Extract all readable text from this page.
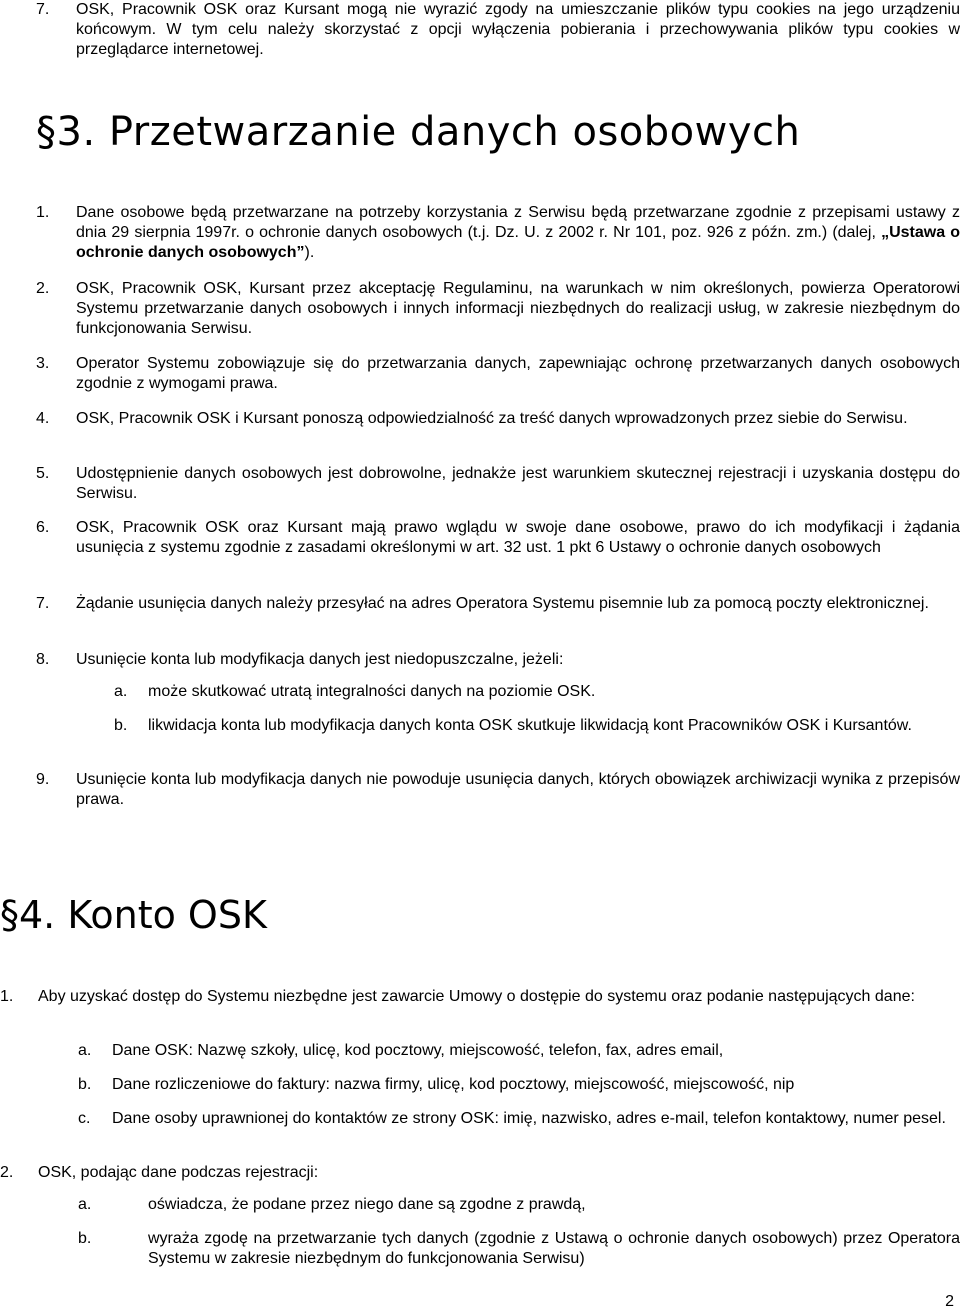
7. OSK, Pracownik OSK oraz Kursant mogą nie wyrazić zgody na umieszczanie plików typu cookies na jego urządzeniu końcowym. W tym celu należy skorzystać z opcji wyłączenia pobierania i przechowywania plików typu cookies w przeglądarce internetowej.
§3. Przetwarzanie danych osobowych
1. Dane osobowe będą przetwarzane na potrzeby korzystania z Serwisu będą przetwarzane zgodnie z przepisami ustawy z dnia 29 sierpnia 1997r. o ochronie danych osobowych (t.j. Dz. U. z 2002 r. Nr 101, poz. 926 z późn. zm.) (dalej, „Ustawa o ochronie danych osobowych”).
2. OSK, Pracownik OSK, Kursant przez akceptację Regulaminu, na warunkach w nim określonych, powierza Operatorowi Systemu przetwarzanie danych osobowych i innych informacji niezbędnych do realizacji usług, w zakresie niezbędnym do funkcjonowania Serwisu.
3. Operator Systemu zobowiązuje się do przetwarzania danych, zapewniając ochronę przetwarzanych danych osobowych zgodnie z wymogami prawa.
4. OSK, Pracownik OSK i Kursant ponoszą odpowiedzialność za treść danych wprowadzonych przez siebie do Serwisu.
5. Udostępnienie danych osobowych jest dobrowolne, jednakże jest warunkiem skutecznej rejestracji i uzyskania dostępu do Serwisu.
6. OSK, Pracownik OSK oraz Kursant mają prawo wglądu w swoje dane osobowe, prawo do ich modyfikacji i żądania usunięcia z systemu zgodnie z zasadami określonymi w art. 32 ust. 1 pkt 6 Ustawy o ochronie danych osobowych
7. Żądanie usunięcia danych należy przesyłać na adres Operatora Systemu pisemnie lub za pomocą poczty elektronicznej.
8. Usunięcie konta lub modyfikacja danych jest niedopuszczalne, jeżeli:
a. może skutkować utratą integralności danych na poziomie OSK.
b. likwidacja konta lub modyfikacja danych konta OSK skutkuje likwidacją kont Pracowników OSK i Kursantów.
9. Usunięcie konta lub modyfikacja danych nie powoduje usunięcia danych, których obowiązek archiwizacji wynika z przepisów prawa.
§4. Konto OSK
1. Aby uzyskać dostęp do Systemu niezbędne jest zawarcie Umowy o dostępie do systemu oraz podanie następujących dane:
a. Dane OSK: Nazwę szkoły, ulicę, kod pocztowy, miejscowość, telefon, fax, adres email,
b. Dane rozliczeniowe do faktury: nazwa firmy, ulicę, kod pocztowy, miejscowość, miejscowość, nip
c. Dane osoby uprawnionej do kontaktów ze strony OSK: imię, nazwisko, adres e-mail, telefon kontaktowy, numer pesel.
2. OSK, podając dane podczas rejestracji:
a.	oświadcza, że podane przez niego dane są zgodne z prawdą,
b.	wyraża zgodę na przetwarzanie tych danych (zgodnie z Ustawą o ochronie danych osobowych) przez Operatora Systemu w zakresie niezbędnym do funkcjonowania Serwisu)
2
